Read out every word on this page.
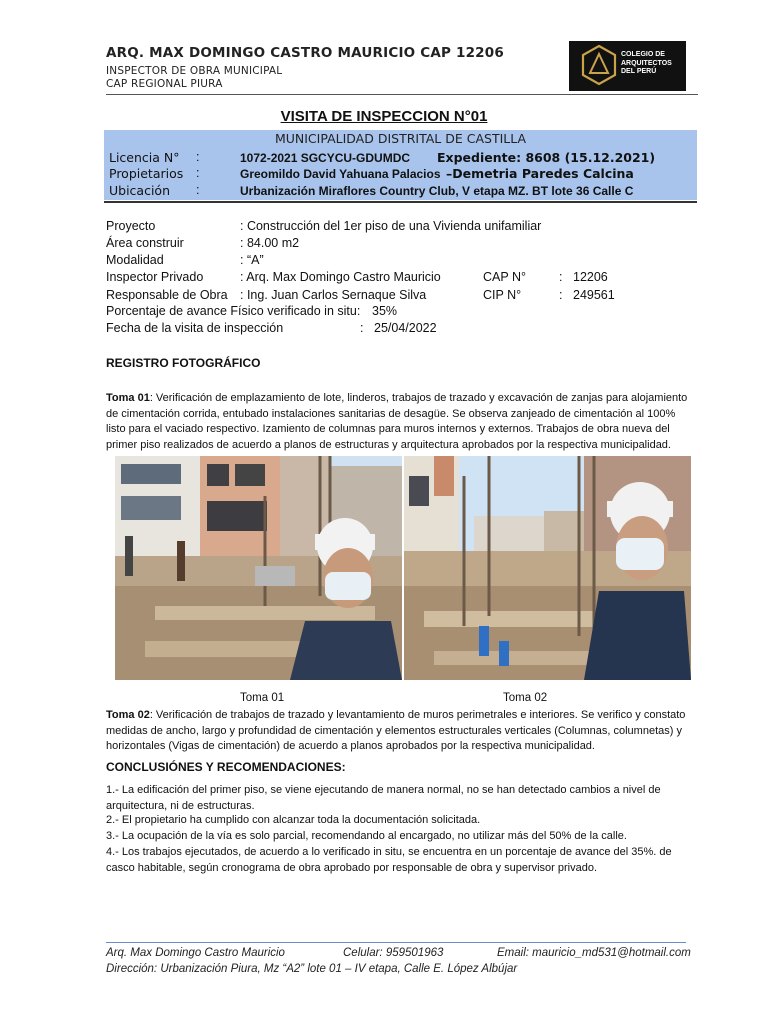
ARQ. MAX DOMINGO CASTRO MAURICIO CAP 12206
INSPECTOR DE OBRA MUNICIPAL
CAP REGIONAL PIURA
COLEGIO DE
ARQUITECTOS
DEL PERÚ
VISITA DE INSPECCION N°01
MUNICIPALIDAD DISTRITAL DE CASTILLA
Licencia N° :	1072-2021 SGCYCU-GDUMDC Expediente: 8608 (15.12.2021)
Propietarios :	Greomildo David Yahuana Palacios –Demetria Paredes Calcina
Ubicación :	Urbanización Miraflores Country Club, V etapa MZ. BT lote 36 Calle C
Proyecto	: Construcción del 1er piso de una Vivienda unifamiliar
Área construir	: 84.00 m2
Modalidad	: “A”
Inspector Privado	: Arq. Max Domingo Castro Mauricio	CAP N°	: 12206
Responsable de Obra : Ing. Juan Carlos Sernaque Silva	CIP N°	: 249561
Porcentaje de avance Físico verificado in situ: 35%
Fecha de la visita de inspección	: 25/04/2022
REGISTRO FOTOGRÁFICO
Toma 01: Verificación de emplazamiento de lote, linderos, trabajos de trazado y excavación de zanjas para alojamiento de cimentación corrida, entubado instalaciones sanitarias de desagüe. Se observa zanjeado de cimentación al 100% listo para el vaciado respectivo. Izamiento de columnas para muros internos y externos. Trabajos de obra nueva del primer piso realizados de acuerdo a planos de estructuras y arquitectura aprobados por la respectiva municipalidad.
Toma 01	Toma 02
Toma 02: Verificación de trabajos de trazado y levantamiento de muros perimetrales e interiores. Se verifico y constato medidas de ancho, largo y profundidad de cimentación y elementos estructurales verticales (Columnas, columnetas) y horizontales (Vigas de cimentación) de acuerdo a planos aprobados por la respectiva municipalidad.
CONCLUSIÓNES Y RECOMENDACIONES:
1.- La edificación del primer piso, se viene ejecutando de manera normal, no se han detectado cambios a nivel de arquitectura, ni de estructuras.
2.- El propietario ha cumplido con alcanzar toda la documentación solicitada.
3.- La ocupación de la vía es solo parcial, recomendando al encargado, no utilizar más del 50% de la calle.
4.- Los trabajos ejecutados, de acuerdo a lo verificado in situ, se encuentra en un porcentaje de avance del 35%. de casco habitable, según cronograma de obra aprobado por responsable de obra y supervisor privado.
Arq. Max Domingo Castro Mauricio	Celular: 959501963	Email: mauricio_md531@hotmail.com
Dirección: Urbanización Piura, Mz “A2” lote 01 – IV etapa, Calle E. López Albújar
